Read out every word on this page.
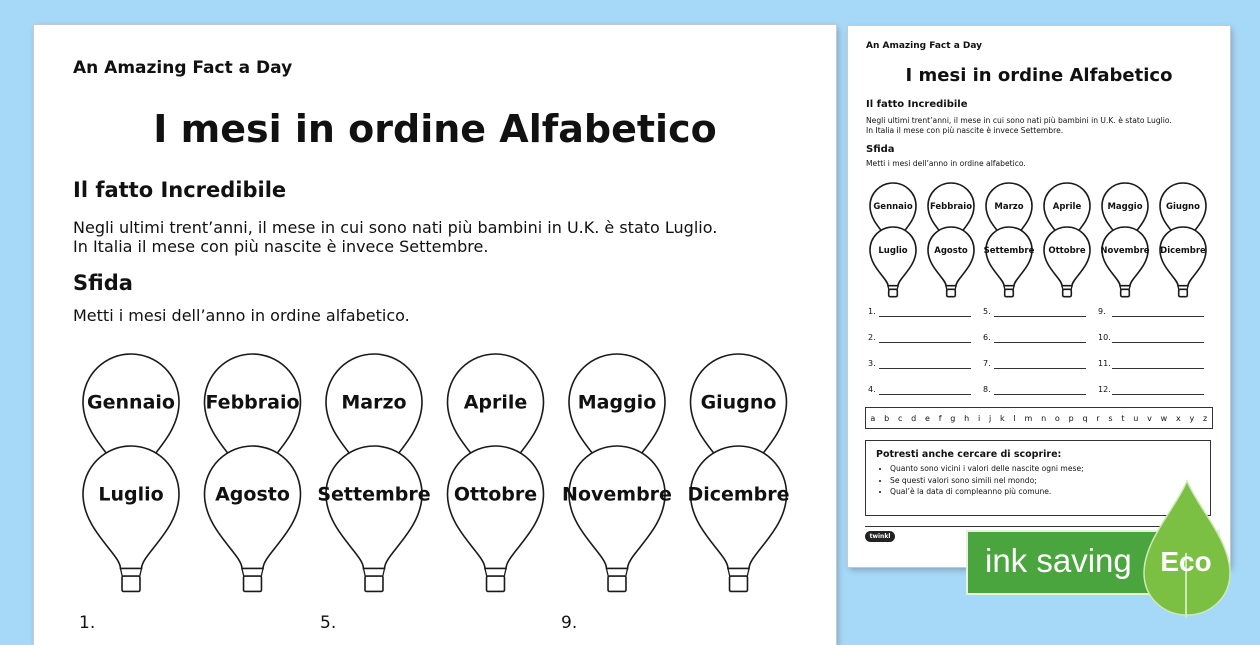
An Amazing Fact a Day
I mesi in ordine Alfabetico
Il fatto Incredibile
Negli ultimi trent’anni, il mese in cui sono nati più bambini in U.K. è stato Luglio.
In Italia il mese con più nascite è invece Settembre.
Sfida
Metti i mesi dell’anno in ordine alfabetico.
Gennaio Febbraio Marzo	Aprile	Maggio Giugno
Luglio	Agosto Settembre Ottobre Novembre Dicembre
1.	5.	9.
An Amazing Fact a Day
I mesi in ordine Alfabetico
Il fatto Incredibile
Negli ultimi trent’anni, il mese in cui sono nati più bambini in U.K. è stato Luglio.
In Italia il mese con più nascite è invece Settembre.
Sfida
Metti i mesi dell’anno in ordine alfabetico.
Gennaio Febbraio	Marzo	Aprile	Maggio	Giugno
Luglio	Agosto Settembre Ottobre Novembre Dicembre
1.
2.
3.
4.
5.
6.
7.
8.
9.
10.
11.
12.
a b c d e f g h i j k l m n o p q r s t u v w x y z
Potresti anche cercare di scoprire:
• Quanto sono vicini i valori delle nascite ogni mese;
• Se questi valori sono simili nel mondo;
• Qual’è la data di compleanno più comune.
twinkl
ink saving Eco
